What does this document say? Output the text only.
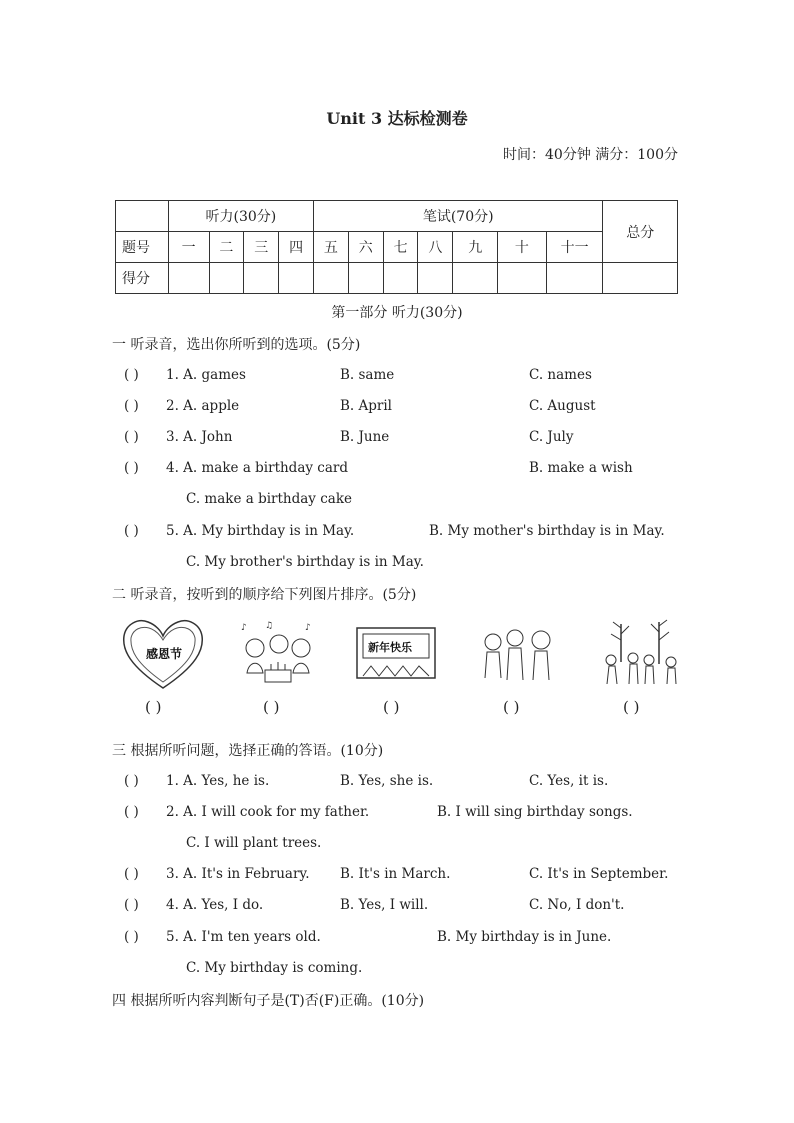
Unit 3 达标检测卷
时间：40分钟 满分：100分
	听力(30分)				笔试(70分)							总分
题号	一	二	三	四	五	六	七	八	九	十	十一	
得分												
第一部分 听力(30分)
一 听录音，选出你所听到的选项。(5分)
( ) 1. A. games	B. same	C. names
( ) 2. A. apple	B. April	C. August
( ) 3. A. John	B. June	C. July
( ) 4. A. make a birthday card	B. make a wish
C. make a birthday cake
( ) 5. A. My birthday is in May.	B. My mother's birthday is in May.
C. My brother's birthday is in May.
二 听录音，按听到的顺序给下列图片排序。(5分)
感恩节
♪ ♫	♪
新年快乐
( )	( )	( )	( )	( )
三 根据所听问题，选择正确的答语。(10分)
( ) 1. A. Yes, he is.	B. Yes, she is.	C. Yes, it is.
( ) 2. A. I will cook for my father.	B. I will sing birthday songs.
C. I will plant trees.
( ) 3. A. It's in February. B. It's in March.	C. It's in September.
( ) 4. A. Yes, I do.	B. Yes, I will.	C. No, I don't.
( ) 5. A. I'm ten years old.	B. My birthday is in June.
C. My birthday is coming.
四 根据所听内容判断句子是(T)否(F)正确。(10分)
